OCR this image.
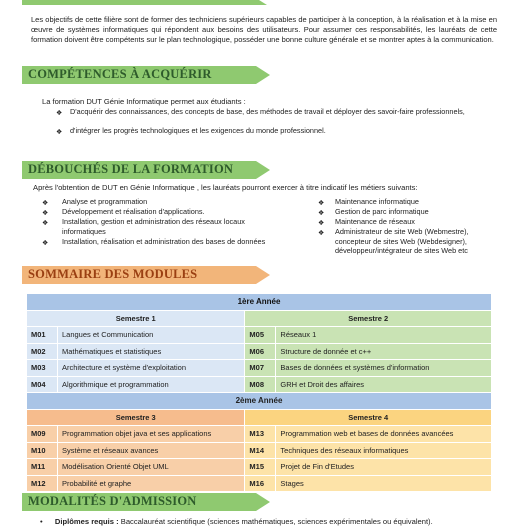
Les objectifs de cette filière sont de former des techniciens supérieurs capables de participer à la conception, à la réalisation et à la mise en œuvre de systèmes informatiques qui répondent aux besoins des utilisateurs. Pour assumer ces responsabilités, les lauréats de cette formation doivent être compétents sur le plan technologique, posséder une bonne culture générale et se montrer aptes à la communication.
COMPÉTENCES À ACQUÉRIR
La formation DUT Génie Informatique permet aux étudiants :
❖ D'acquérir des connaissances, des concepts de base, des méthodes de travail et déployer des savoir-faire professionnels,
❖ d'intégrer les progrès technologiques et les exigences du monde professionnel.
DÉBOUCHÉS DE LA FORMATION
Après l'obtention de DUT en Génie Informatique , les lauréats pourront exercer à titre indicatif les métiers suivants:
❖ Analyse et programmation
❖ Développement et réalisation d'applications.
❖ Installation, gestion et administration des réseaux locaux informatiques
❖ Installation, réalisation et administration des bases de données
❖ Maintenance informatique
❖ Gestion de parc informatique
❖ Maintenance de réseaux
❖ Administrateur de site Web (Webmestre), concepteur de sites Web (Webdesigner), développeur/intégrateur de sites Web etc
SOMMAIRE DES MODULES
1ère Année			
Semestre 1		Semestre 2	
M01	Langues et Communication	M05	Réseaux 1
M02	Mathématiques et statistiques	M06	Structure de donnée et c++
M03	Architecture et système d'exploitation	M07	Bases de données et systèmes d'information
M04	Algorithmique et programmation	M08	GRH et Droit des affaires
2ème Année			
Semestre 3		Semestre 4	
M09	Programmation objet java et ses applications	M13	Programmation web et bases de données avancées
M10	Système et réseaux avances	M14	Techniques des réseaux informatiques
M11	Modélisation Orienté Objet UML	M15	Projet de Fin d'Etudes
M12	Probabilité et graphe	M16	Stages
MODALITÉS D'ADMISSION
• Diplômes requis : Baccalauréat scientifique (sciences mathématiques, sciences expérimentales ou équivalent).
